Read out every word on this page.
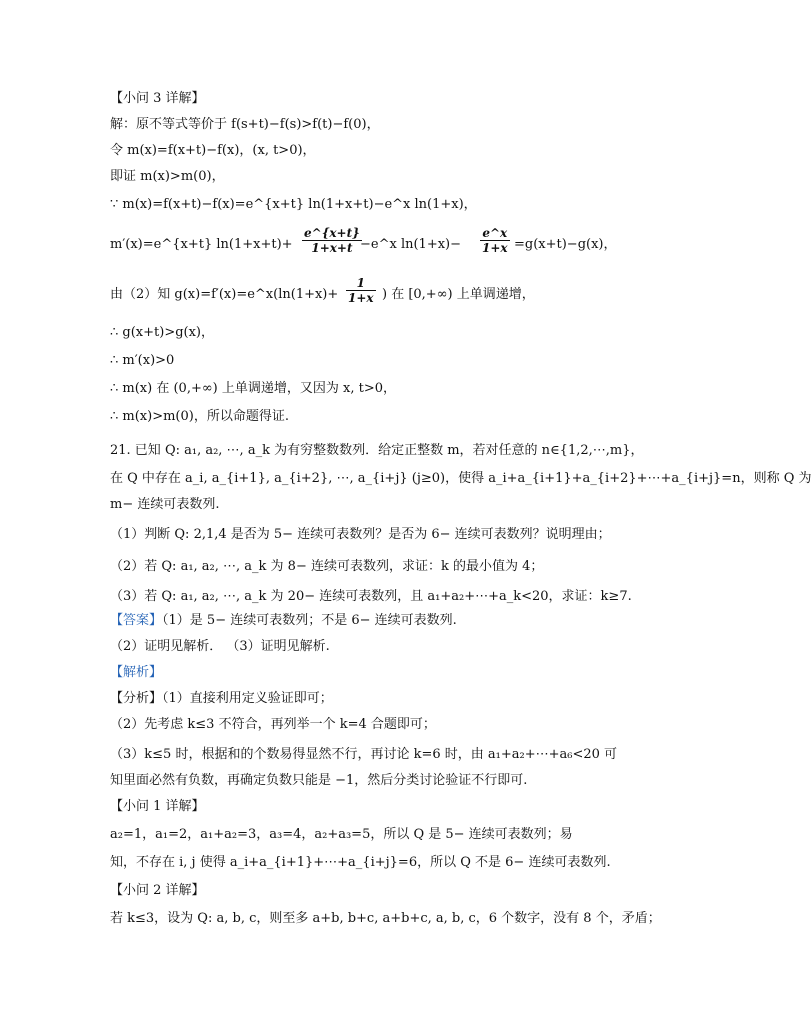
【小问 3 详解】
解：原不等式等价于 f(s+t)−f(s)>f(t)−f(0)，
令 m(x)=f(x+t)−f(x)，(x, t>0)，
即证 m(x)>m(0)，
∵ m(x)=f(x+t)−f(x)=e^{x+t} ln(1+x+t)−e^x ln(1+x)，
m′(x)=e^{x+t} $\ln(1+x+t)+ \frac{e\^{}\{x+t\}}{1+x+t}$
−e^x $\ln(1+x)- \frac{e\^{}x}{1+x} =g(x+t)-g(x)$，
由（2）知 g(x)=f′(x)=e^x(ln(1+x)+ $\frac{1}{1+x}$ ) 在 [0,+∞) 上单调递增，
∴ g(x+t)>g(x)，
∴ m′(x)>0
∴ m(x) 在 (0,+∞) 上单调递增，又因为 x, t>0，
∴ m(x)>m(0)，所以命题得证.
21. 已知 Q: a₁, a₂, ⋯, a_k 为有穷整数数列．给定正整数 m，若对任意的 n∈{1,2,⋯,m}，
在 Q 中存在 a_i, a_{i+1}, a_{i+2}, ⋯, a_{i+j} (j≥0)，使得 a_i+a_{i+1}+a_{i+2}+⋯+a_{i+j}=n，则称 Q 为
m− 连续可表数列.
（1）判断 Q: 2,1,4 是否为 5− 连续可表数列？是否为 6− 连续可表数列？说明理由；
（2）若 Q: a₁, a₂, ⋯, a_k 为 8− 连续可表数列，求证：k 的最小值为 4；
（3）若 Q: a₁, a₂, ⋯, a_k 为 20− 连续可表数列，且 a₁+a₂+⋯+a_k<20，求证：k≥7.
【答案】（1）是 5− 连续可表数列；不是 6− 连续可表数列.
（2）证明见解析． （3）证明见解析.
【解析】
【分析】（1）直接利用定义验证即可；
（2）先考虑 k≤3 不符合，再列举一个 k=4 合题即可；
（3）k≤5 时，根据和的个数易得显然不行，再讨论 k=6 时，由 a₁+a₂+⋯+a₆<20 可
知里面必然有负数，再确定负数只能是 −1，然后分类讨论验证不行即可.
【小问 1 详解】
a₂=1，a₁=2，a₁+a₂=3，a₃=4，a₂+a₃=5，所以 Q 是 5− 连续可表数列；易
知，不存在 i, j 使得 a_i+a_{i+1}+⋯+a_{i+j}=6，所以 Q 不是 6− 连续可表数列.
【小问 2 详解】
若 k≤3，设为 Q: a, b, c，则至多 a+b, b+c, a+b+c, a, b, c，6 个数字，没有 8 个，矛盾；
